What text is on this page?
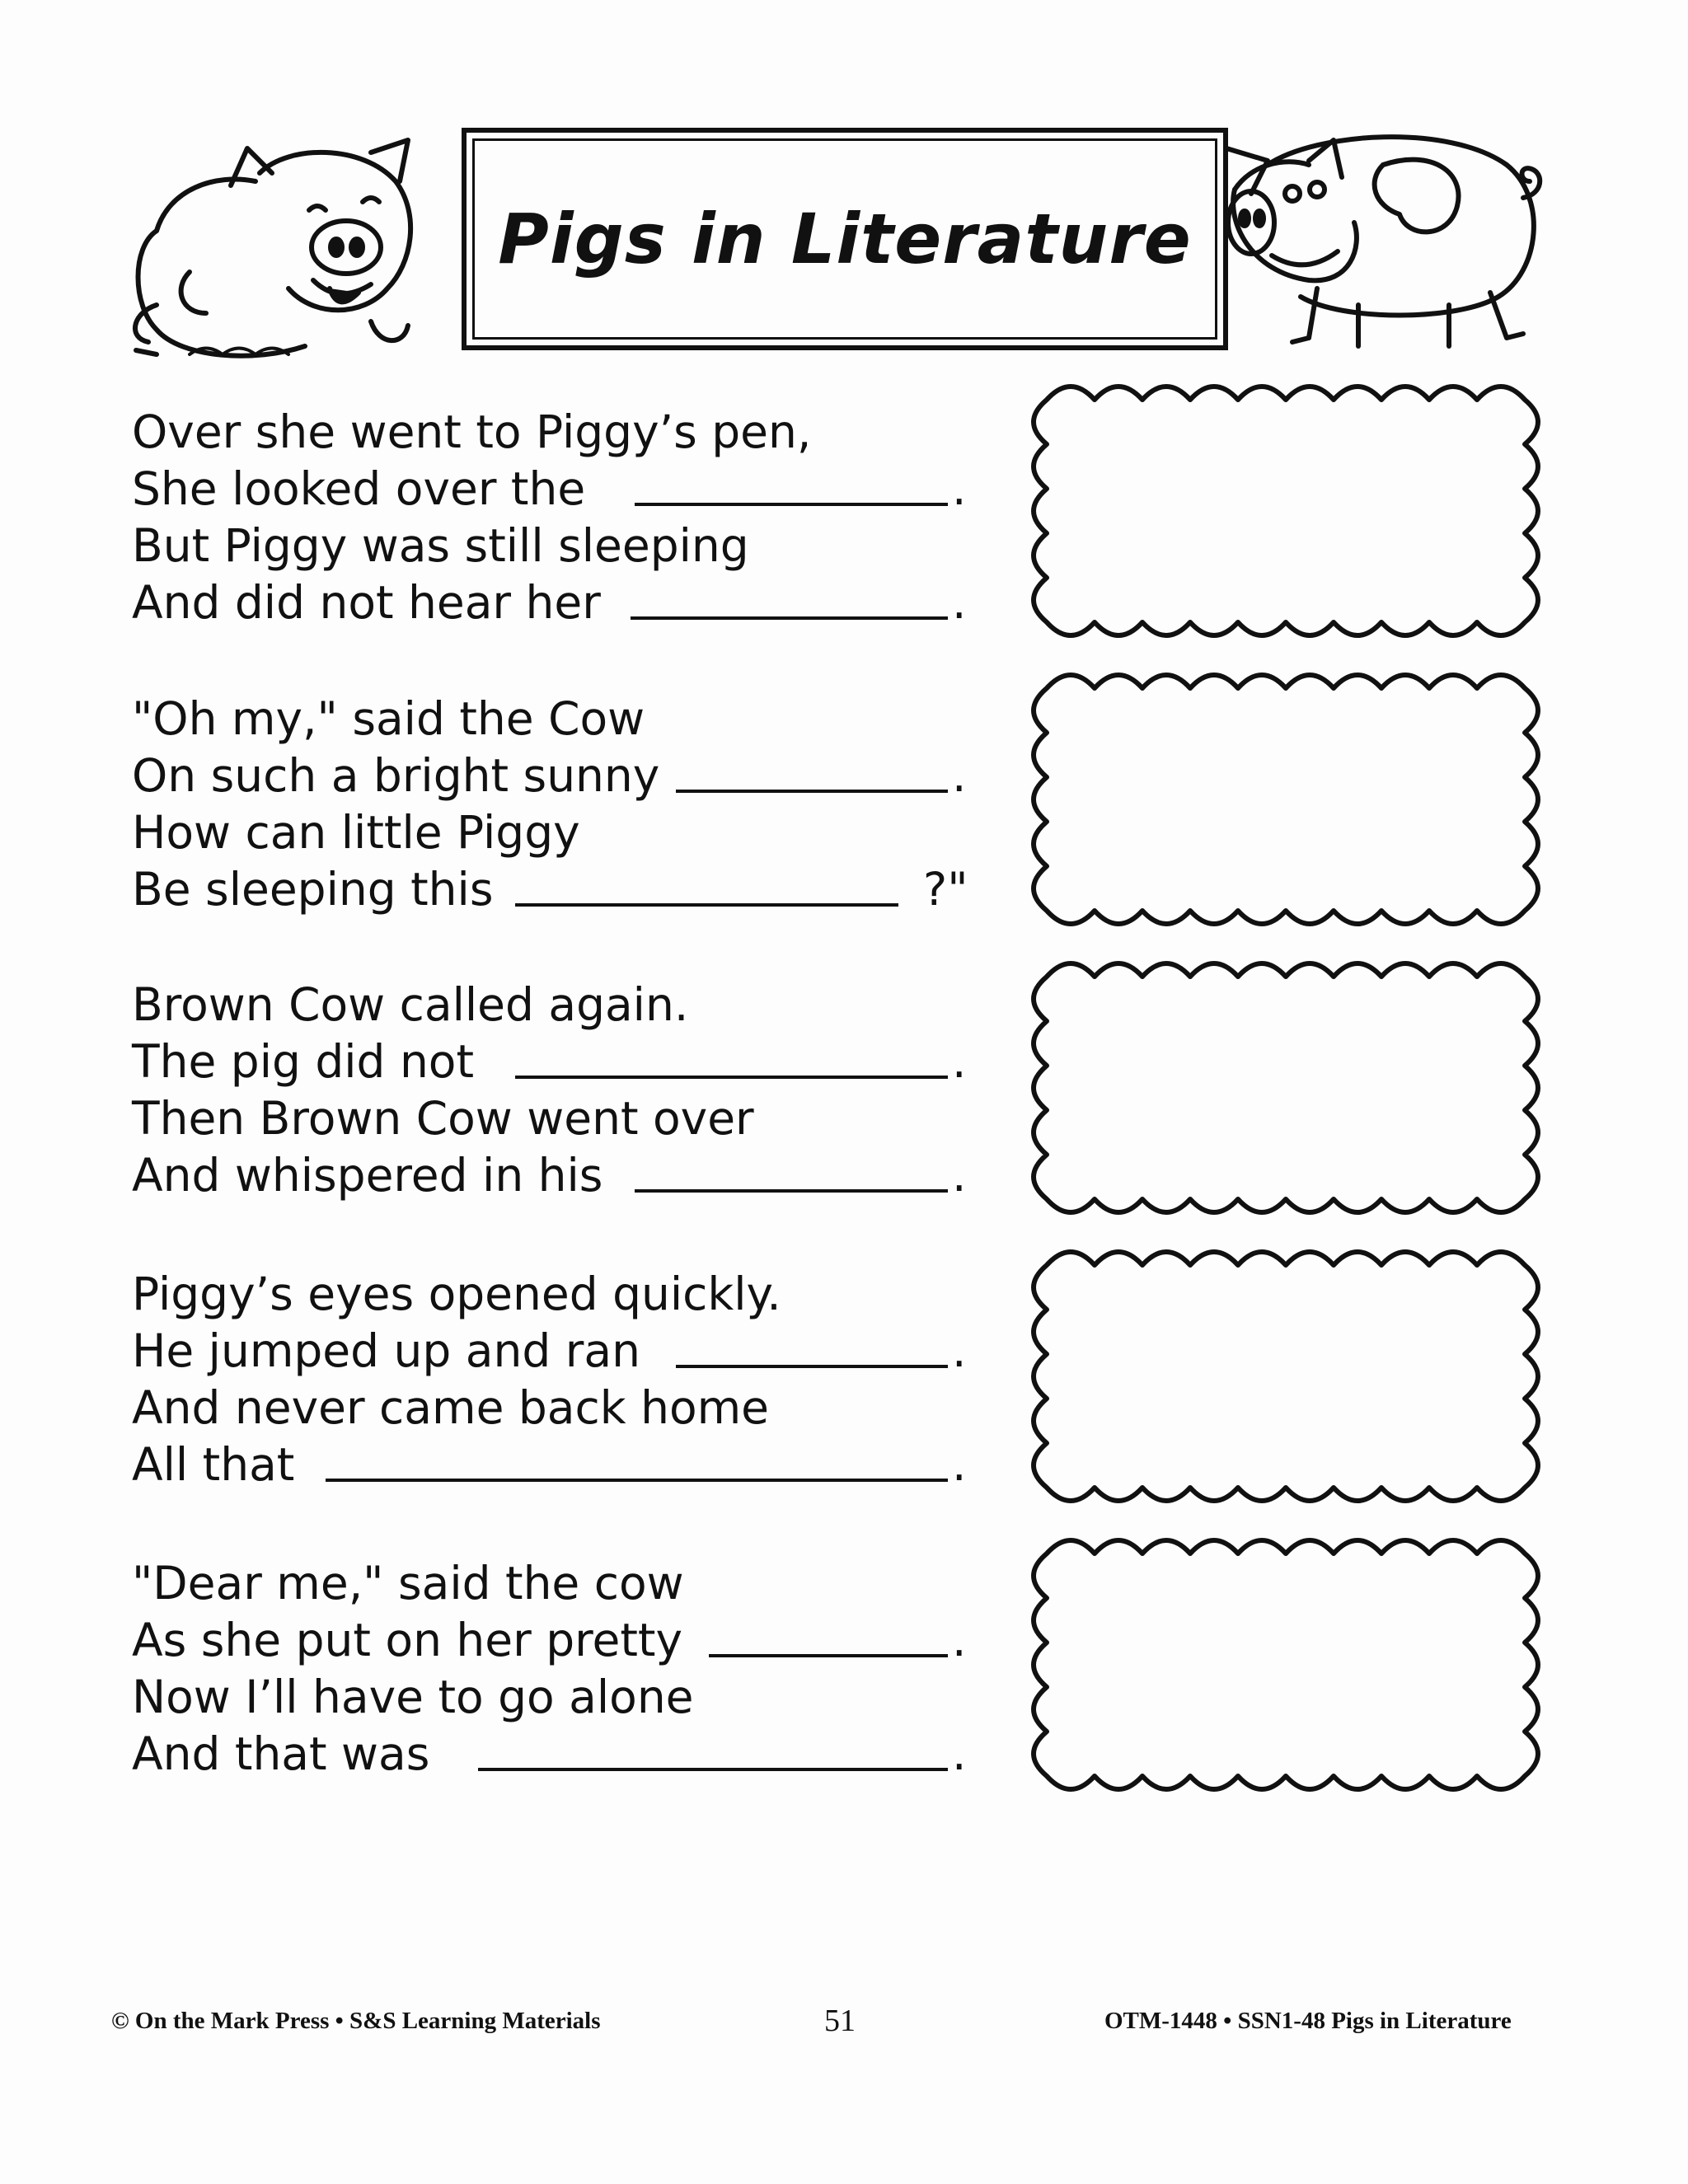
Pigs in Literature
Over she went to Piggy’s pen,
She looked over the	.
But Piggy was still sleeping
And did not hear her	.
"Oh my," said the Cow
On such a bright sunny	.
How can little Piggy
Be sleeping this	?"
Brown Cow called again.
The pig did not	.
Then Brown Cow went over
And whispered in his	.
Piggy’s eyes opened quickly.
He jumped up and ran	.
And never came back home
All that	.
"Dear me," said the cow
As she put on her pretty	.
Now I’ll have to go alone
And that was	.
© On the Mark Press • S&S Learning Materials	51	OTM-1448 • SSN1-48 Pigs in Literature
